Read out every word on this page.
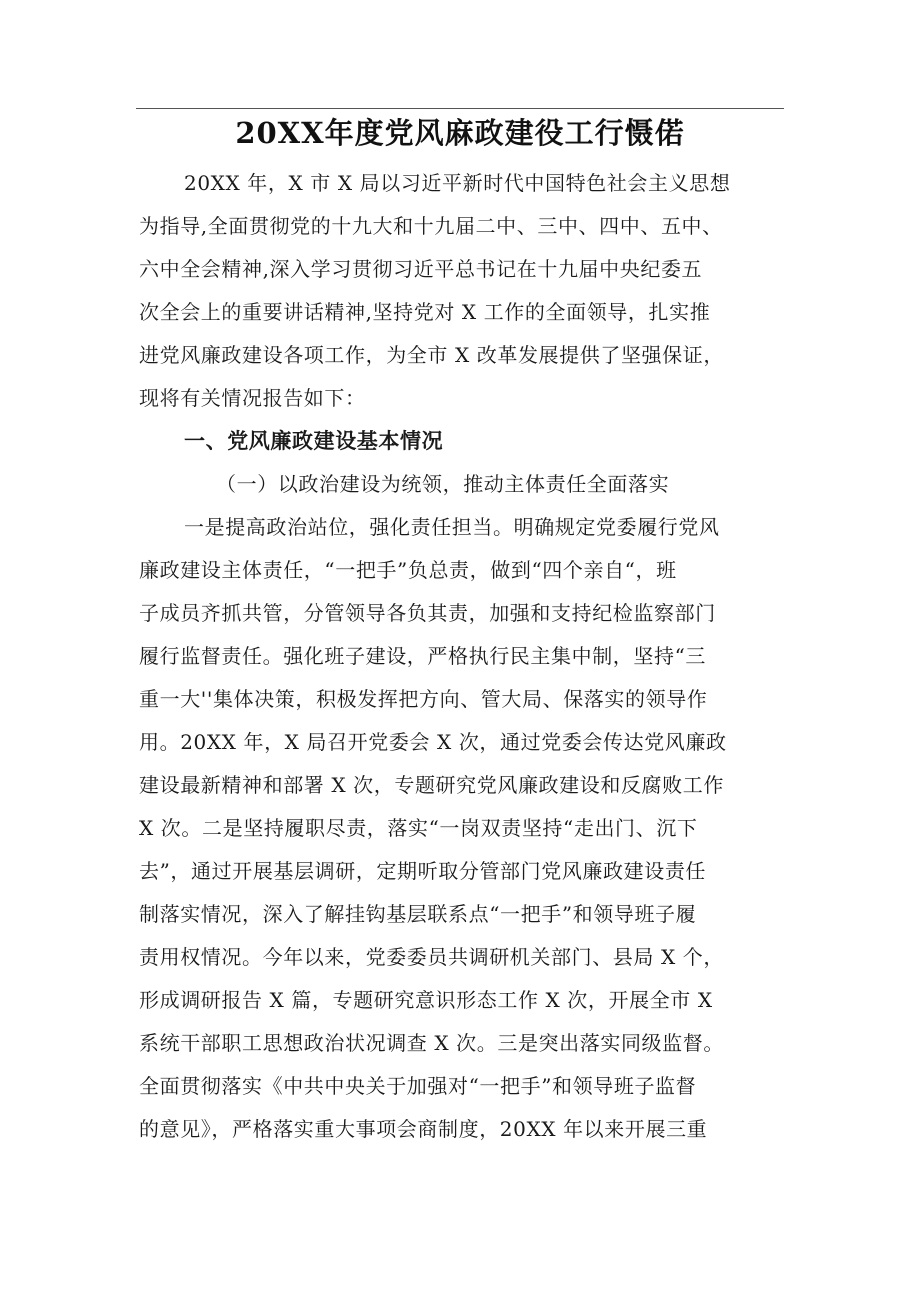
20XX年度党风麻政建役工行慑偌
20XX 年，X 市 X 局以习近平新时代中国特色社会主义思想
为指导,全面贯彻党的十九大和十九届二中、三中、四中、五中、
六中全会精神,深入学习贯彻习近平总书记在十九届中央纪委五
次全会上的重要讲话精神,坚持党对 X 工作的全面领导，扎实推
进党风廉政建设各项工作，为全市 X 改革发展提供了坚强保证，
现将有关情况报告如下：
一、党风廉政建设基本情况
（一）以政治建设为统领，推动主体责任全面落实
一是提高政治站位，强化责任担当。明确规定党委履行党风
廉政建设主体责任，“一把手”负总责，做到“四个亲自“，班
子成员齐抓共管，分管领导各负其责，加强和支持纪检监察部门
履行监督责任。强化班子建设，严格执行民主集中制，坚持“三
重一大''集体决策，积极发挥把方向、管大局、保落实的领导作
用。20XX 年，X 局召开党委会 X 次，通过党委会传达党风廉政
建设最新精神和部署 X 次，专题研究党风廉政建设和反腐败工作
X 次。二是坚持履职尽责，落实“一岗双责坚持“走出门、沉下
去”，通过开展基层调研，定期听取分管部门党风廉政建设责任
制落实情况，深入了解挂钩基层联系点“一把手”和领导班子履
责用权情况。今年以来，党委委员共调研机关部门、县局 X 个，
形成调研报告 X 篇，专题研究意识形态工作 X 次，开展全市 X
系统干部职工思想政治状况调查 X 次。三是突出落实同级监督。
全面贯彻落实《中共中央关于加强对“一把手”和领导班子监督
的意见》，严格落实重大事项会商制度，20XX 年以来开展三重
